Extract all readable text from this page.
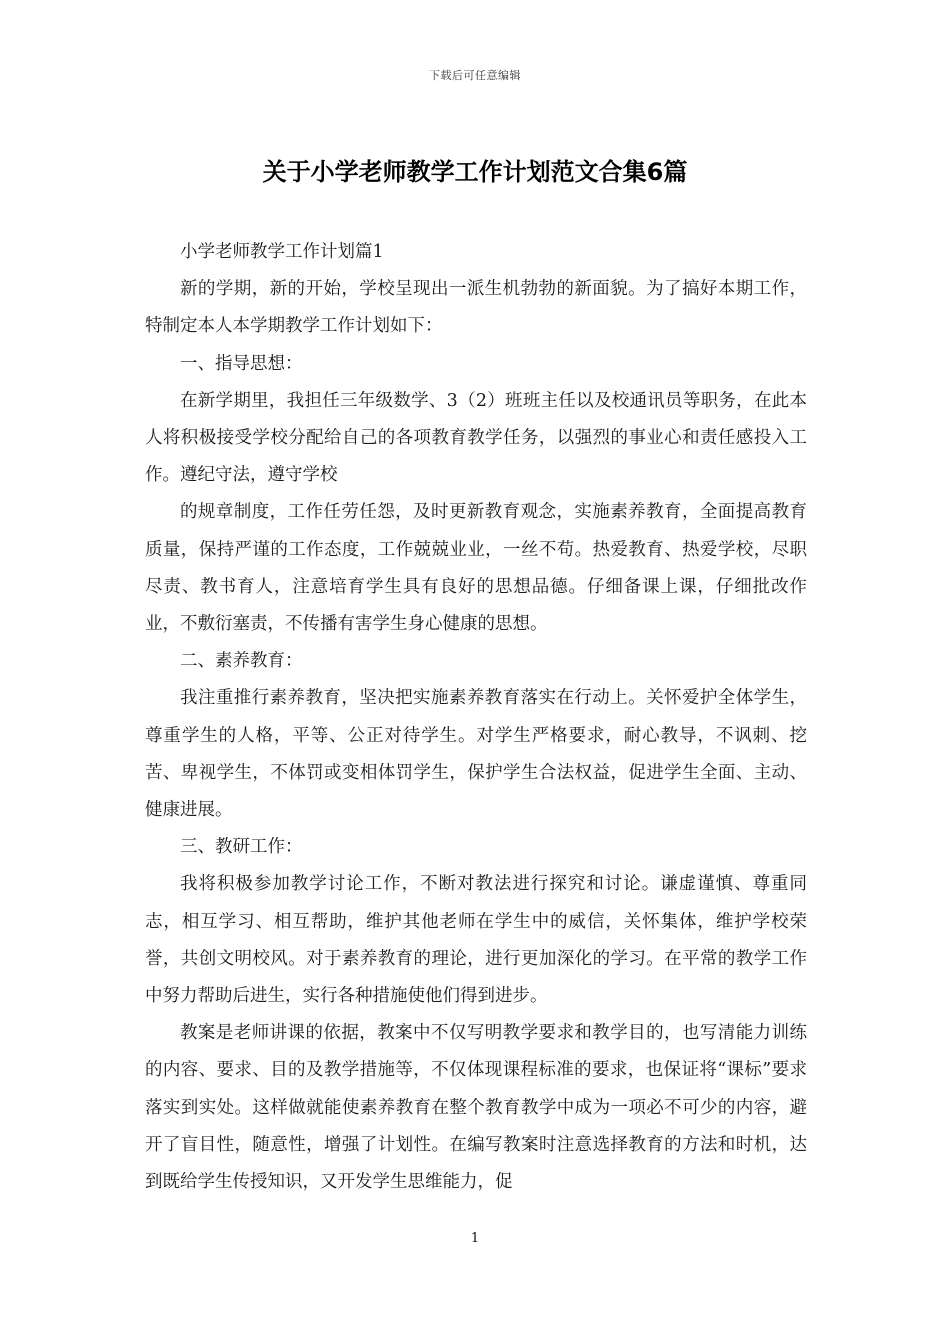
下载后可任意编辑
关于小学老师教学工作计划范文合集6篇

小学老师教学工作计划篇1

新的学期，新的开始，学校呈现出一派生机勃勃的新面貌。为了搞好本期工作，特制定本人本学期教学工作计划如下：

一、指导思想：

在新学期里，我担任三年级数学、3（2）班班主任以及校通讯员等职务，在此本人将积极接受学校分配给自己的各项教育教学任务，以强烈的事业心和责任感投入工作。遵纪守法，遵守学校

的规章制度，工作任劳任怨，及时更新教育观念，实施素养教育，全面提高教育质量，保持严谨的工作态度，工作兢兢业业，一丝不苟。热爱教育、热爱学校，尽职尽责、教书育人，注意培育学生具有良好的思想品德。仔细备课上课，仔细批改作业，不敷衍塞责，不传播有害学生身心健康的思想。

二、素养教育：

我注重推行素养教育，坚决把实施素养教育落实在行动上。关怀爱护全体学生，尊重学生的人格，平等、公正对待学生。对学生严格要求，耐心教导，不讽刺、挖苦、卑视学生，不体罚或变相体罚学生，保护学生合法权益，促进学生全面、主动、健康进展。

三、教研工作：

我将积极参加教学讨论工作，不断对教法进行探究和讨论。谦虚谨慎、尊重同志，相互学习、相互帮助，维护其他老师在学生中的威信，关怀集体，维护学校荣誉，共创文明校风。对于素养教育的理论，进行更加深化的学习。在平常的教学工作中努力帮助后进生，实行各种措施使他们得到进步。

教案是老师讲课的依据，教案中不仅写明教学要求和教学目的，也写清能力训练的内容、要求、目的及教学措施等，不仅体现课程标准的要求，也保证将“课标”要求落实到实处。这样做就能使素养教育在整个教育教学中成为一项必不可少的内容，避开了盲目性，随意性，增强了计划性。在编写教案时注意选择教育的方法和时机，达到既给学生传授知识，又开发学生思维能力，促

1
